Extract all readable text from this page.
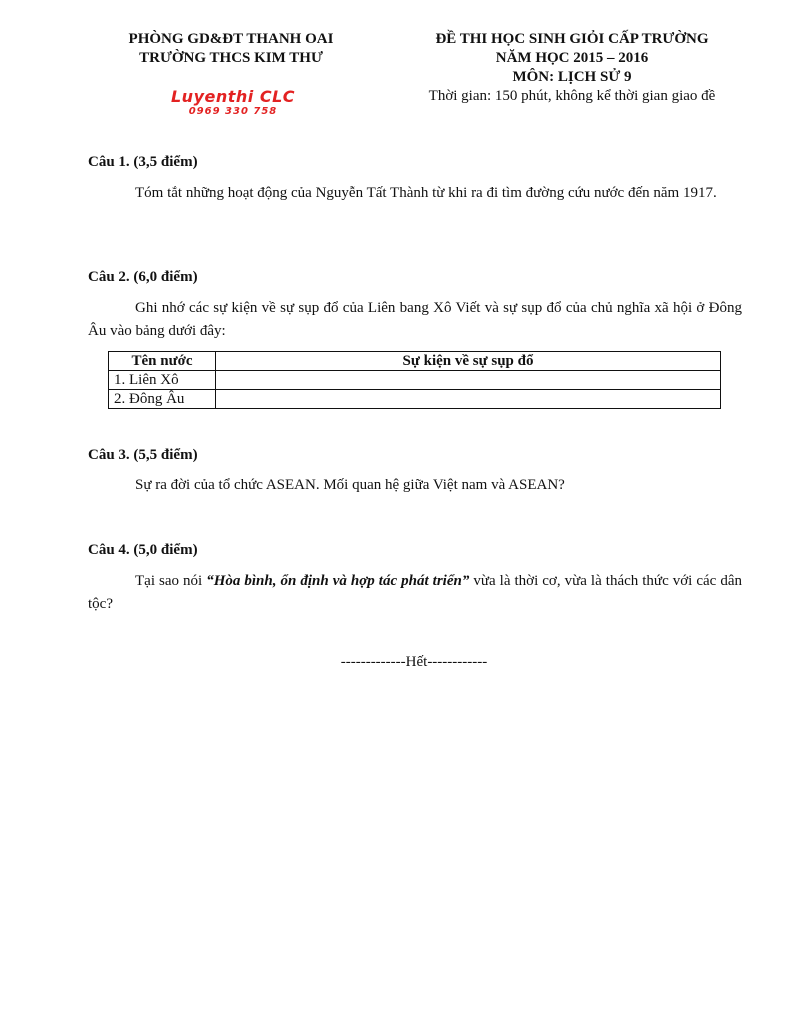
PHÒNG GD&ĐT THANH OAI
TRƯỜNG THCS KIM THƯ
ĐỀ THI HỌC SINH GIỎI CẤP TRƯỜNG
NĂM HỌC 2015 – 2016
MÔN: LỊCH SỬ 9
Thời gian: 150 phút, không kể thời gian giao đề
Luyenthi CLC
0969 330 758
Câu 1. (3,5 điểm)
Tóm tắt những hoạt động của Nguyễn Tất Thành từ khi ra đi tìm đường cứu nước đến năm 1917.
Câu 2. (6,0 điểm)
Ghi nhớ các sự kiện về sự sụp đổ của Liên bang Xô Viết và sự sụp đổ của chủ nghĩa xã hội ở Đông Âu vào bảng dưới đây:
Tên nước	Sự kiện về sự sụp đổ
1. Liên Xô	
2. Đông Âu	
Câu 3. (5,5 điểm)
Sự ra đời của tổ chức ASEAN. Mối quan hệ giữa Việt nam và ASEAN?
Câu 4. (5,0 điểm)
Tại sao nói “Hòa bình, ổn định và hợp tác phát triển” vừa là thời cơ, vừa là thách thức với các dân tộc?
-------------Hết------------
